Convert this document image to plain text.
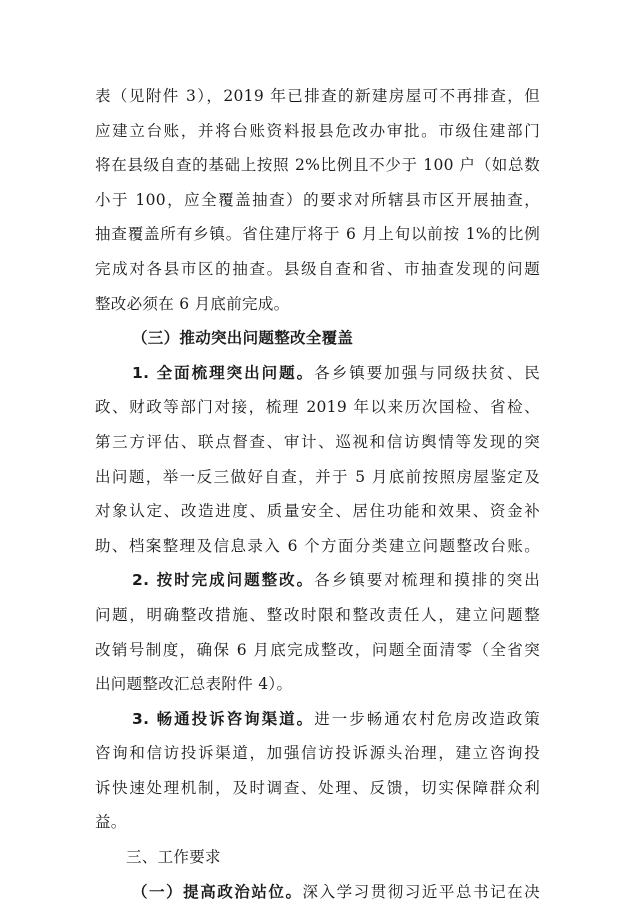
表（见附件 3），2019 年已排查的新建房屋可不再排查，但
应建立台账，并将台账资料报县危改办审批。市级住建部门
将在县级自查的基础上按照 2%比例且不少于 100 户（如总数
小于 100，应全覆盖抽查）的要求对所辖县市区开展抽查，
抽查覆盖所有乡镇。省住建厅将于 6 月上旬以前按 1%的比例
完成对各县市区的抽查。县级自查和省、市抽查发现的问题
整改必须在 6 月底前完成。
（三）推动突出问题整改全覆盖
1. 全面梳理突出问题。各乡镇要加强与同级扶贫、民
政、财政等部门对接，梳理 2019 年以来历次国检、省检、
第三方评估、联点督查、审计、巡视和信访舆情等发现的突
出问题，举一反三做好自查，并于 5 月底前按照房屋鉴定及
对象认定、改造进度、质量安全、居住功能和效果、资金补
助、档案整理及信息录入 6 个方面分类建立问题整改台账。
2. 按时完成问题整改。各乡镇要对梳理和摸排的突出
问题，明确整改措施、整改时限和整改责任人，建立问题整
改销号制度，确保 6 月底完成整改，问题全面清零（全省突
出问题整改汇总表附件 4）。
3. 畅通投诉咨询渠道。进一步畅通农村危房改造政策
咨询和信访投诉渠道，加强信访投诉源头治理，建立咨询投
诉快速处理机制，及时调查、处理、反馈，切实保障群众利
益。
三、工作要求
（一）提高政治站位。深入学习贯彻习近平总书记在决
